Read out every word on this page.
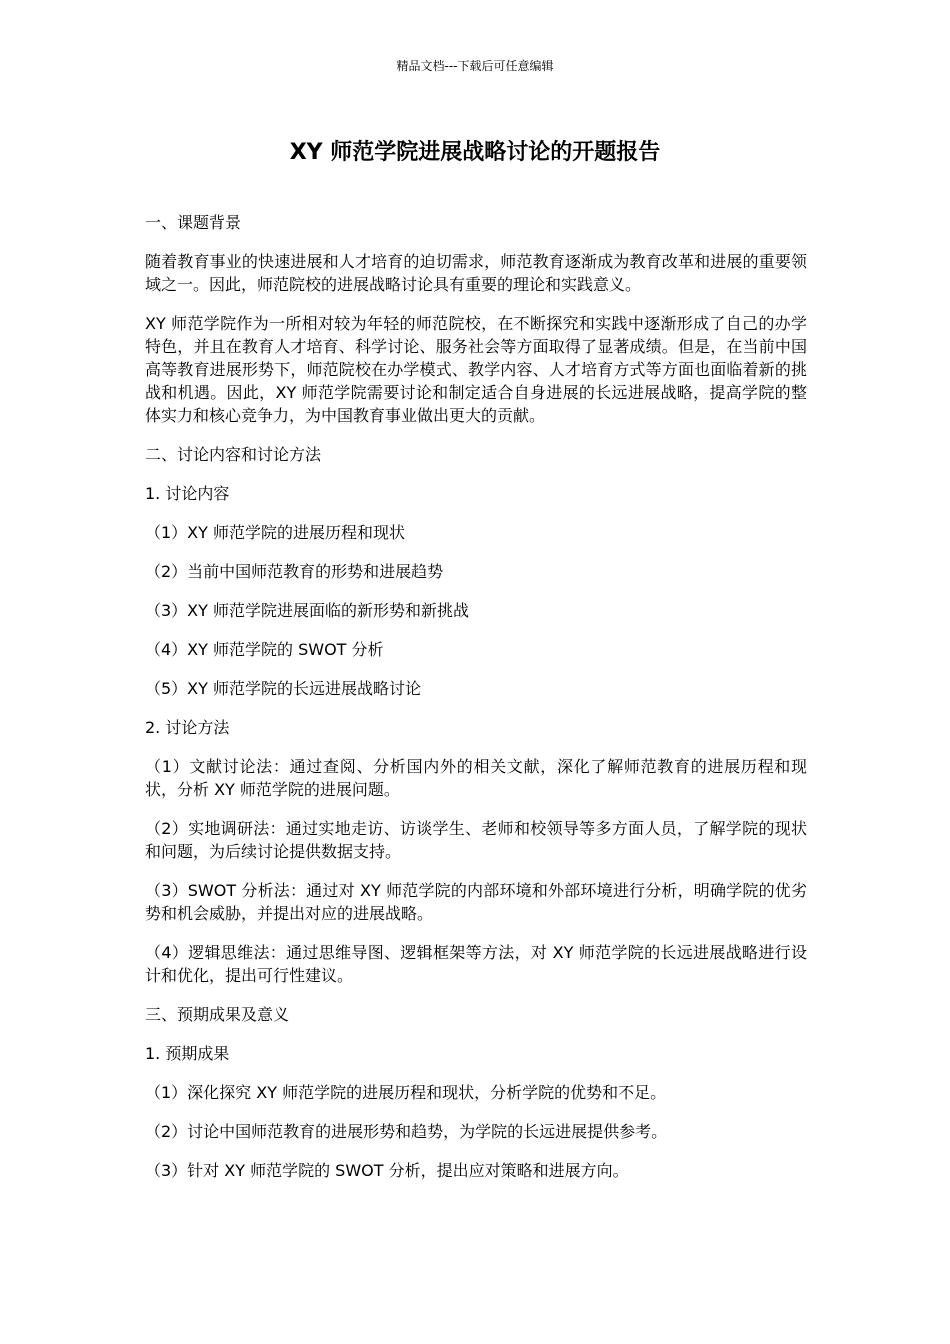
精品文档---下载后可任意编辑
XY 师范学院进展战略讨论的开题报告

一、课题背景

随着教育事业的快速进展和人才培育的迫切需求，师范教育逐渐成为教育改革和进展的重要领域之一。因此，师范院校的进展战略讨论具有重要的理论和实践意义。

XY 师范学院作为一所相对较为年轻的师范院校，在不断探究和实践中逐渐形成了自己的办学特色，并且在教育人才培育、科学讨论、服务社会等方面取得了显著成绩。但是，在当前中国高等教育进展形势下，师范院校在办学模式、教学内容、人才培育方式等方面也面临着新的挑战和机遇。因此，XY 师范学院需要讨论和制定适合自身进展的长远进展战略，提高学院的整体实力和核心竞争力，为中国教育事业做出更大的贡献。

二、讨论内容和讨论方法

1. 讨论内容

（1）XY 师范学院的进展历程和现状

（2）当前中国师范教育的形势和进展趋势

（3）XY 师范学院进展面临的新形势和新挑战

（4）XY 师范学院的 SWOT 分析

（5）XY 师范学院的长远进展战略讨论

2. 讨论方法

（1）文献讨论法：通过查阅、分析国内外的相关文献，深化了解师范教育的进展历程和现状，分析 XY 师范学院的进展问题。

（2）实地调研法：通过实地走访、访谈学生、老师和校领导等多方面人员，了解学院的现状和问题，为后续讨论提供数据支持。

（3）SWOT 分析法：通过对 XY 师范学院的内部环境和外部环境进行分析，明确学院的优劣势和机会威胁，并提出对应的进展战略。

（4）逻辑思维法：通过思维导图、逻辑框架等方法，对 XY 师范学院的长远进展战略进行设计和优化，提出可行性建议。

三、预期成果及意义

1. 预期成果

（1）深化探究 XY 师范学院的进展历程和现状，分析学院的优势和不足。

（2）讨论中国师范教育的进展形势和趋势，为学院的长远进展提供参考。

（3）针对 XY 师范学院的 SWOT 分析，提出应对策略和进展方向。
